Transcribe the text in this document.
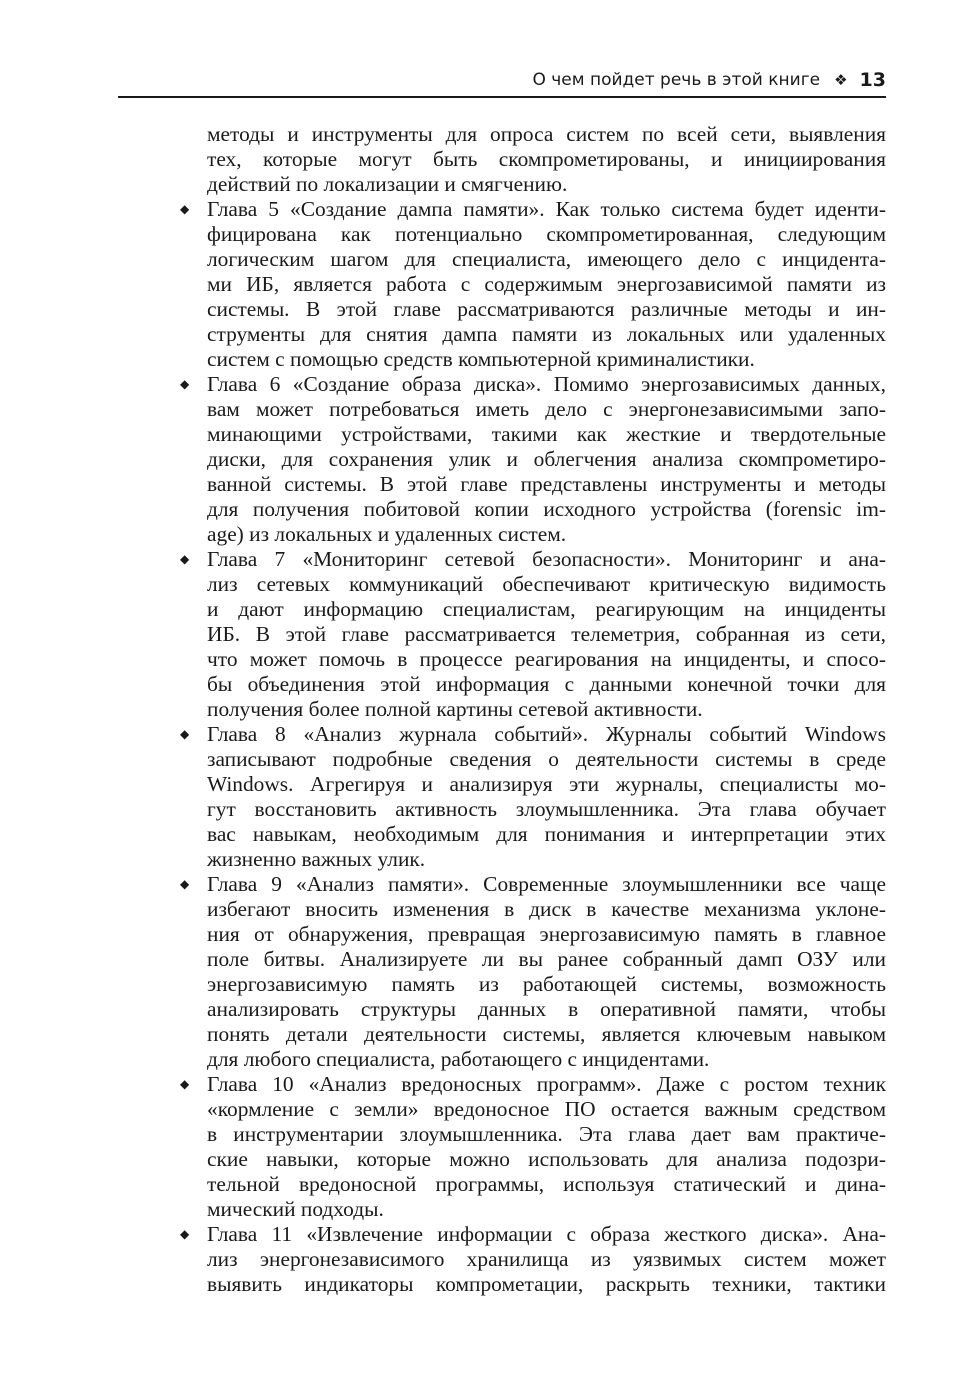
О чем пойдет речь в этой книге ❖ 13
методы и инструменты для опроса систем по всей сети, выявления
тех, которые могут быть скомпрометированы, и инициирования
действий по локализации и смягчению.
◆ Глава 5 «Создание дампа памяти». Как только система будет иденти-
фицирована как потенциально скомпрометированная, следующим
логическим шагом для специалиста, имеющего дело с инцидента-
ми ИБ, является работа с содержимым энергозависимой памяти из
системы. В этой главе рассматриваются различные методы и ин-
струменты для снятия дампа памяти из локальных или удаленных
систем с помощью средств компьютерной криминалистики.
◆ Глава 6 «Создание образа диска». Помимо энергозависимых данных,
вам может потребоваться иметь дело с энергонезависимыми запо-
минающими устройствами, такими как жесткие и твердотельные
диски, для сохранения улик и облегчения анализа скомпрометиро-
ванной системы. В этой главе представлены инструменты и методы
для получения побитовой копии исходного устройства (forensic im-
age) из локальных и удаленных систем.
◆ Глава 7 «Мониторинг сетевой безопасности». Мониторинг и ана-
лиз сетевых коммуникаций обеспечивают критическую видимость
и дают информацию специалистам, реагирующим на инциденты
ИБ. В этой главе рассматривается телеметрия, собранная из сети,
что может помочь в процессе реагирования на инциденты, и спосо-
бы объединения этой информация с данными конечной точки для
получения более полной картины сетевой активности.
◆ Глава 8 «Анализ журнала событий». Журналы событий Windows
записывают подробные сведения о деятельности системы в среде
Windows. Агрегируя и анализируя эти журналы, специалисты мо-
гут восстановить активность злоумышленника. Эта глава обучает
вас навыкам, необходимым для понимания и интерпретации этих
жизненно важных улик.
◆ Глава 9 «Анализ памяти». Современные злоумышленники все чаще
избегают вносить изменения в диск в качестве механизма уклоне-
ния от обнаружения, превращая энергозависимую память в главное
поле битвы. Анализируете ли вы ранее собранный дамп ОЗУ или
энергозависимую память из работающей системы, возможность
анализировать структуры данных в оперативной памяти, чтобы
понять детали деятельности системы, является ключевым навыком
для любого специалиста, работающего с инцидентами.
◆ Глава 10 «Анализ вредоносных программ». Даже с ростом техник
«кормление с земли» вредоносное ПО остается важным средством
в инструментарии злоумышленника. Эта глава дает вам практиче-
ские навыки, которые можно использовать для анализа подозри-
тельной вредоносной программы, используя статический и дина-
мический подходы.
◆ Глава 11 «Извлечение информации с образа жесткого диска». Ана-
лиз энергонезависимого хранилища из уязвимых систем может
выявить индикаторы компрометации, раскрыть техники, тактики
